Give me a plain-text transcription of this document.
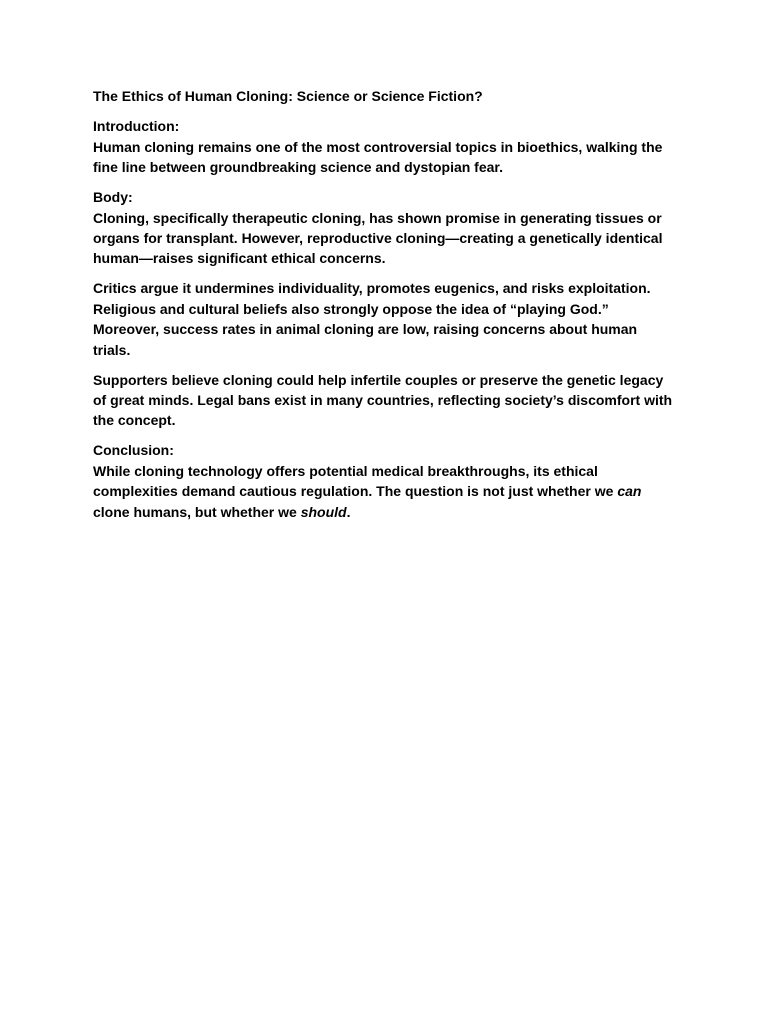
The Ethics of Human Cloning: Science or Science Fiction?

Introduction:
Human cloning remains one of the most controversial topics in bioethics, walking the fine line between groundbreaking science and dystopian fear.

Body:
Cloning, specifically therapeutic cloning, has shown promise in generating tissues or organs for transplant. However, reproductive cloning—creating a genetically identical human—raises significant ethical concerns.

Critics argue it undermines individuality, promotes eugenics, and risks exploitation. Religious and cultural beliefs also strongly oppose the idea of “playing God.” Moreover, success rates in animal cloning are low, raising concerns about human trials.

Supporters believe cloning could help infertile couples or preserve the genetic legacy of great minds. Legal bans exist in many countries, reflecting society’s discomfort with the concept.

Conclusion:
While cloning technology offers potential medical breakthroughs, its ethical complexities demand cautious regulation. The question is not just whether we can clone humans, but whether we should.
